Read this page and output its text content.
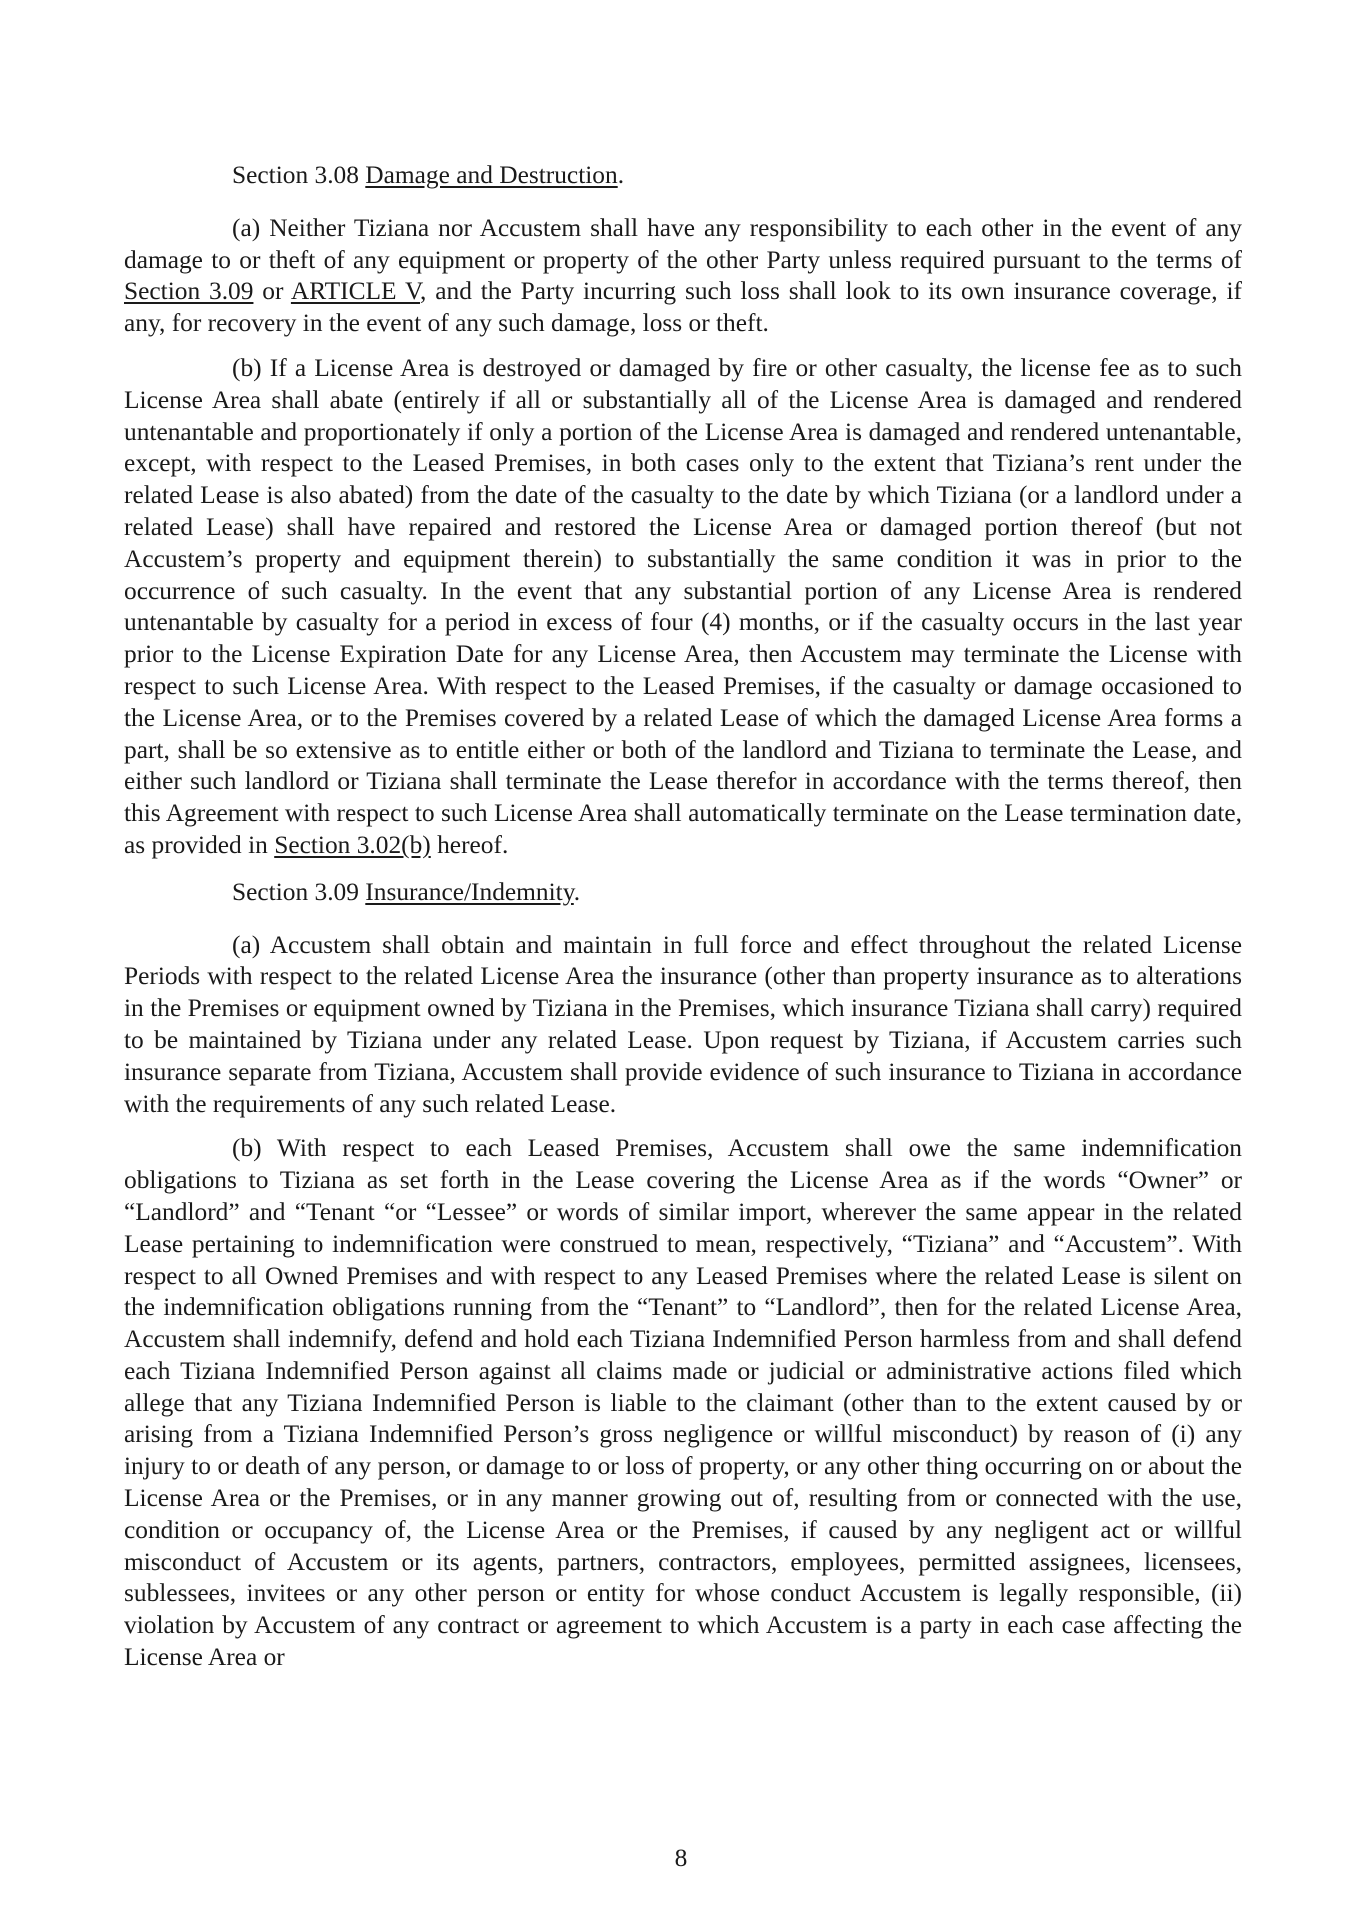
Section 3.08 Damage and Destruction.

(a) Neither Tiziana nor Accustem shall have any responsibility to each other in the event of any damage to or theft of any equipment or property of the other Party unless required pursuant to the terms of Section 3.09 or ARTICLE V, and the Party incurring such loss shall look to its own insurance coverage, if any, for recovery in the event of any such damage, loss or theft.

(b) If a License Area is destroyed or damaged by fire or other casualty, the license fee as to such License Area shall abate (entirely if all or substantially all of the License Area is damaged and rendered untenantable and proportionately if only a portion of the License Area is damaged and rendered untenantable, except, with respect to the Leased Premises, in both cases only to the extent that Tiziana’s rent under the related Lease is also abated) from the date of the casualty to the date by which Tiziana (or a landlord under a related Lease) shall have repaired and restored the License Area or damaged portion thereof (but not Accustem’s property and equipment therein) to substantially the same condition it was in prior to the occurrence of such casualty. In the event that any substantial portion of any License Area is rendered untenantable by casualty for a period in excess of four (4) months, or if the casualty occurs in the last year prior to the License Expiration Date for any License Area, then Accustem may terminate the License with respect to such License Area. With respect to the Leased Premises, if the casualty or damage occasioned to the License Area, or to the Premises covered by a related Lease of which the damaged License Area forms a part, shall be so extensive as to entitle either or both of the landlord and Tiziana to terminate the Lease, and either such landlord or Tiziana shall terminate the Lease therefor in accordance with the terms thereof, then this Agreement with respect to such License Area shall automatically terminate on the Lease termination date, as provided in Section 3.02(b) hereof.

Section 3.09 Insurance/Indemnity.

(a) Accustem shall obtain and maintain in full force and effect throughout the related License Periods with respect to the related License Area the insurance (other than property insurance as to alterations in the Premises or equipment owned by Tiziana in the Premises, which insurance Tiziana shall carry) required to be maintained by Tiziana under any related Lease. Upon request by Tiziana, if Accustem carries such insurance separate from Tiziana, Accustem shall provide evidence of such insurance to Tiziana in accordance with the requirements of any such related Lease.

(b) With respect to each Leased Premises, Accustem shall owe the same indemnification obligations to Tiziana as set forth in the Lease covering the License Area as if the words “Owner” or “Landlord” and “Tenant “or “Lessee” or words of similar import, wherever the same appear in the related Lease pertaining to indemnification were construed to mean, respectively, “Tiziana” and “Accustem”. With respect to all Owned Premises and with respect to any Leased Premises where the related Lease is silent on the indemnification obligations running from the “Tenant” to “Landlord”, then for the related License Area, Accustem shall indemnify, defend and hold each Tiziana Indemnified Person harmless from and shall defend each Tiziana Indemnified Person against all claims made or judicial or administrative actions filed which allege that any Tiziana Indemnified Person is liable to the claimant (other than to the extent caused by or arising from a Tiziana Indemnified Person’s gross negligence or willful misconduct) by reason of (i) any injury to or death of any person, or damage to or loss of property, or any other thing occurring on or about the License Area or the Premises, or in any manner growing out of, resulting from or connected with the use, condition or occupancy of, the License Area or the Premises, if caused by any negligent act or willful misconduct of Accustem or its agents, partners, contractors, employees, permitted assignees, licensees, sublessees, invitees or any other person or entity for whose conduct Accustem is legally responsible, (ii) violation by Accustem of any contract or agreement to which Accustem is a party in each case affecting the License Area or

8
